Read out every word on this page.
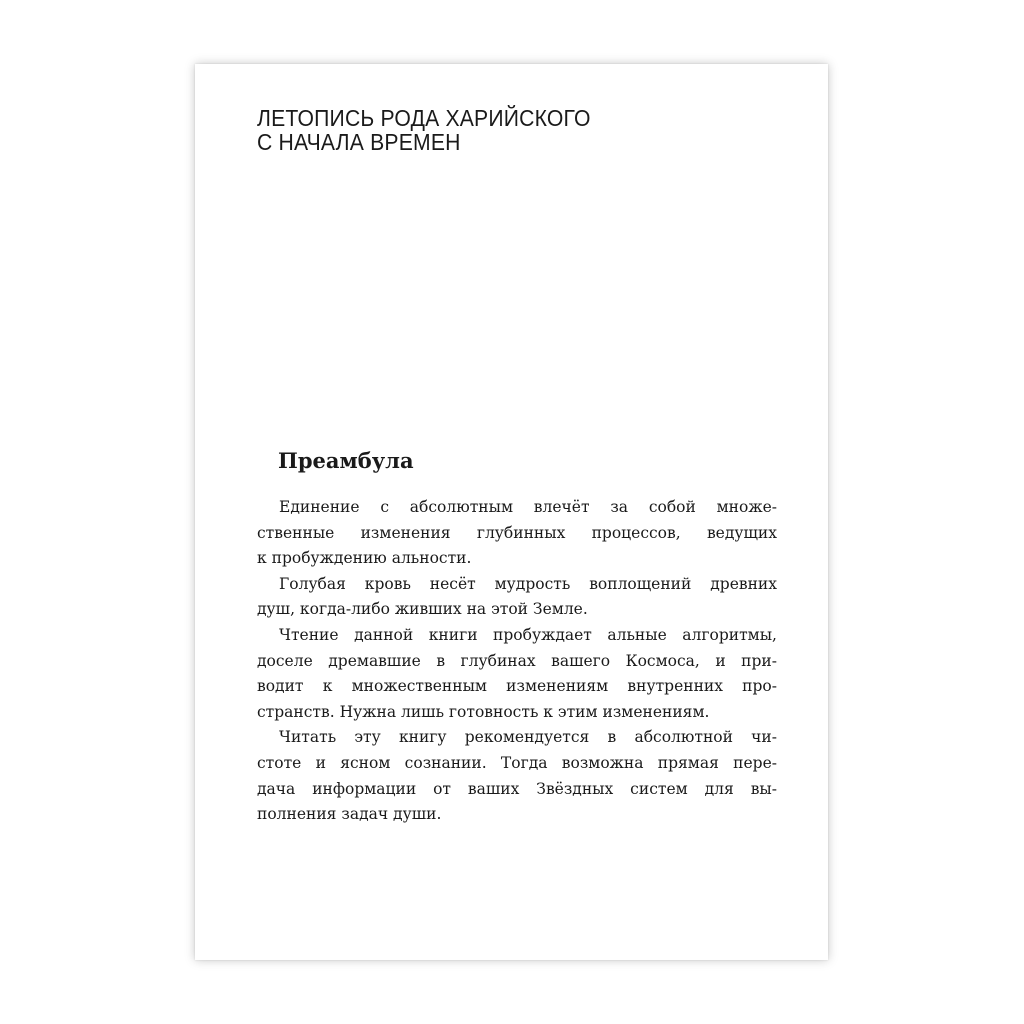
ЛЕТОПИСЬ РОДА ХАРИЙСКОГО
С НАЧАЛА ВРЕМЕН
Преамбула
Единение с абсолютным влечёт за собой множе-
ственные изменения глубинных процессов, ведущих
к пробуждению альности.
Голубая кровь несёт мудрость воплощений древних
душ, когда-либо живших на этой Земле.
Чтение данной книги пробуждает альные алгоритмы,
доселе дремавшие в глубинах вашего Космоса, и при-
водит к множественным изменениям внутренних про-
странств. Нужна лишь готовность к этим изменениям.
Читать эту книгу рекомендуется в абсолютной чи-
стоте и ясном сознании. Тогда возможна прямая пере-
дача информации от ваших Звёздных систем для вы-
полнения задач души.
